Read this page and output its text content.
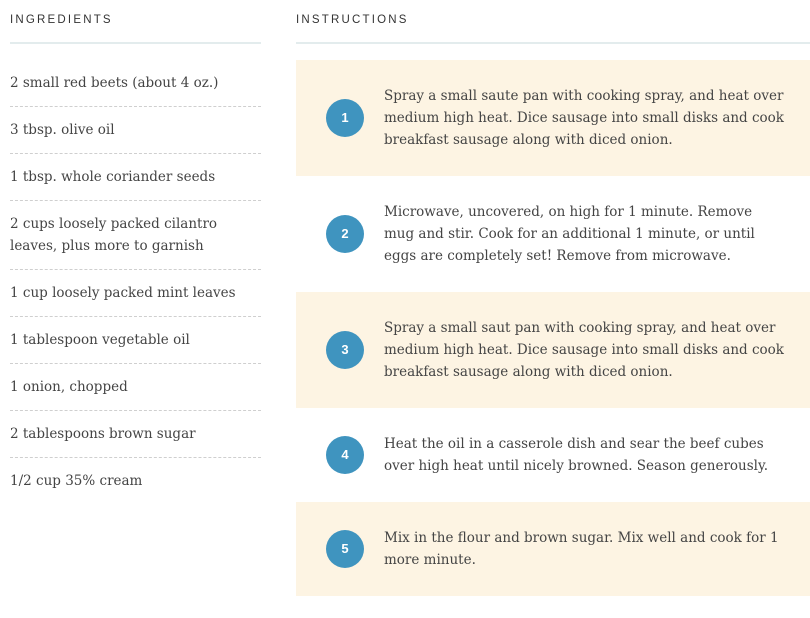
INGREDIENTS
2 small red beets (about 4 oz.)
3 tbsp. olive oil
1 tbsp. whole coriander seeds
2 cups loosely packed cilantro leaves, plus more to garnish
1 cup loosely packed mint leaves
1 tablespoon vegetable oil
1 onion, chopped
2 tablespoons brown sugar
1/2 cup 35% cream
INSTRUCTIONS
1

Spray a small saute pan with cooking spray, and heat over medium high heat. Dice sausage into small disks and cook breakfast sausage along with diced onion.

2

Microwave, uncovered, on high for 1 minute. Remove mug and stir. Cook for an additional 1 minute, or until eggs are completely set! Remove from microwave.

3

Spray a small saut pan with cooking spray, and heat over medium high heat. Dice sausage into small disks and cook breakfast sausage along with diced onion.

4

Heat the oil in a casserole dish and sear the beef cubes over high heat until nicely browned. Season generously.

5

Mix in the flour and brown sugar. Mix well and cook for 1 more minute.
